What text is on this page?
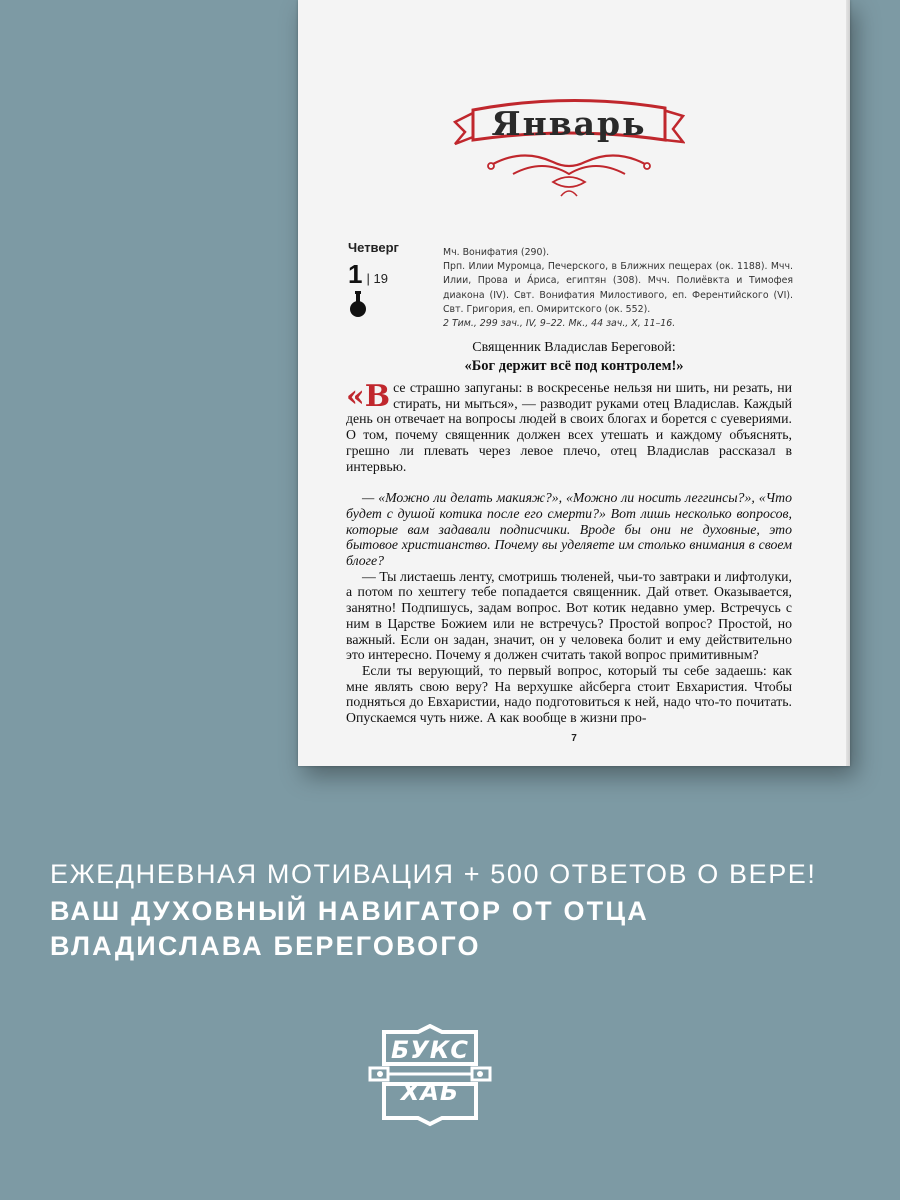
Январь
Четверг
1| 19

Мч. Вонифатия (290).

Прп. Илии Муромца, Печерского, в Ближних пещерах (ок. 1188). Мчч. Илии, Прова и А́риса, египтян (308). Мчч. Полиёвкта и Тимофея диакона (IV). Свт. Вонифатия Милостивого, еп. Ферентийского (VI). Свт. Григория, еп. Омиритского (ок. 552).

2 Тим., 299 зач., IV, 9–22. Мк., 44 зач., X, 11–16.

Священник Владислав Береговой:
«Бог держит всё под контролем!»

«Все страшно запуганы: в воскресенье нельзя ни шить, ни резать, ни стирать, ни мыться», — разводит руками отец Владислав. Каждый день он отвечает на вопросы людей в своих блогах и борется с суевериями. О том, почему священник должен всех утешать и каждому объяснять, грешно ли плевать через левое плечо, отец Владислав рассказал в интервью.

— «Можно ли делать макияж?», «Можно ли носить леггинсы?», «Что будет с душой котика после его смерти?» Вот лишь несколько вопросов, которые вам задавали подписчики. Вроде бы они не духовные, это бытовое христианство. Почему вы уделяете им столько внимания в своем блоге?

— Ты листаешь ленту, смотришь тюленей, чьи-то завтраки и лифтолуки, а потом по хештегу тебе попадается священник. Дай ответ. Оказывается, занятно! Подпишусь, задам вопрос. Вот котик недавно умер. Встречусь с ним в Царстве Божием или не встречусь? Простой вопрос? Простой, но важный. Если он задан, значит, он у человека болит и ему действительно это интересно. Почему я должен считать такой вопрос примитивным?

Если ты верующий, то первый вопрос, который ты себе задаешь: как мне являть свою веру? На верхушке айсберга стоит Евхаристия. Чтобы подняться до Евхаристии, надо подготовиться к ней, надо что-то почитать. Опускаемся чуть ниже. А как вообще в жизни про-

7
ЕЖЕДНЕВНАЯ МОТИВАЦИЯ + 500 ОТВЕТОВ О ВЕРЕ!
ВАШ ДУХОВНЫЙ НАВИГАТОР ОТ ОТЦА
ВЛАДИСЛАВА БЕРЕГОВОГО
БУКС
ХАБ
